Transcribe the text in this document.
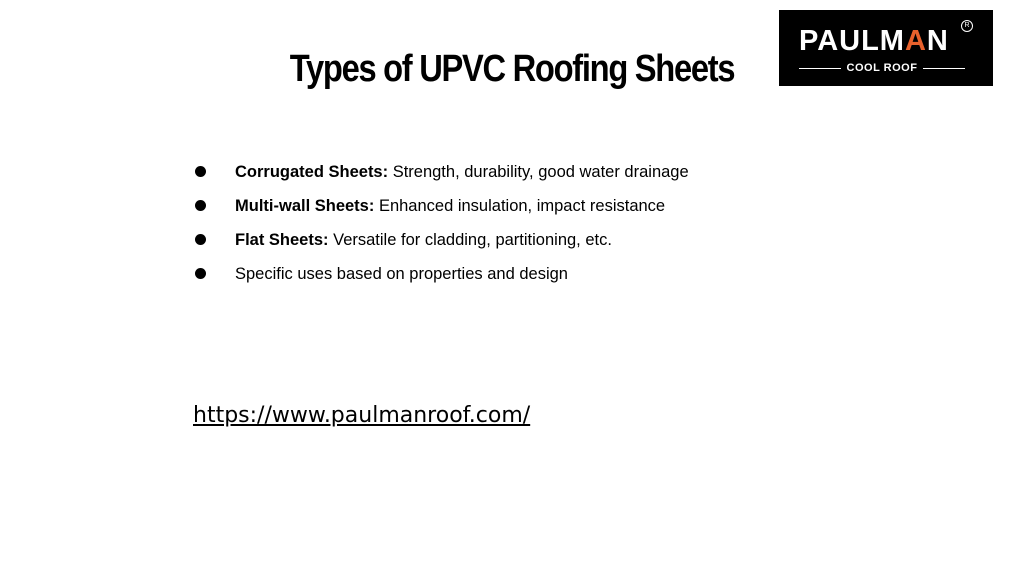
Types of UPVC Roofing Sheets
PAULMAN	R
COOL ROOF
Corrugated Sheets: Strength, durability, good water drainage
Multi-wall Sheets: Enhanced insulation, impact resistance
Flat Sheets: Versatile for cladding, partitioning, etc.
Specific uses based on properties and design
https://www.paulmanroof.com/
